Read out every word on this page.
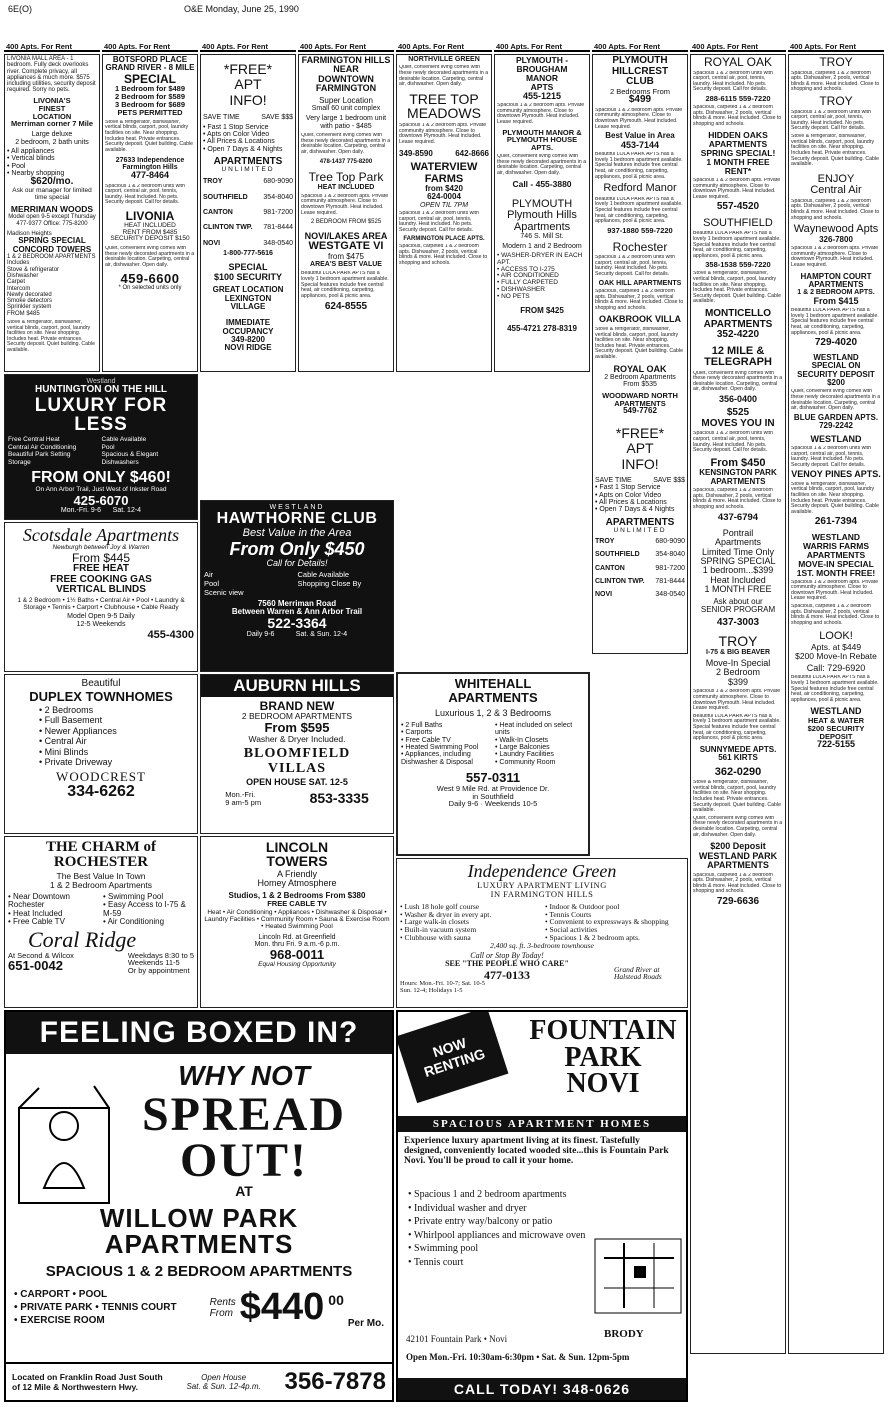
6E(O)	O&E Monday, June 25, 1990
400 Apts. For Rent	400 Apts. For Rent	400 Apts. For Rent	400 Apts. For Rent	400 Apts. For Rent	400 Apts. For Rent	400 Apts. For Rent	400 Apts. For Rent	400 Apts. For Rent
LIVONIA MALL AREA - 1 bedroom. Fully deck overlooks river. Complete privacy, all appliances & much more. $575 including utilities, security deposit required. Sorry no pets.
LIVONIA'S
FINEST
LOCATION
Merriman corner 7 Mile
Large deluxe
2 bedroom, 2 bath units
• All appliances
• Vertical blinds
• Pool
• Nearby shopping
$620/mo.
Ask our manager for limited time special
MERRIMAN WOODS
Model open 9-5 except Thursday 477-9377 Office: 775-8200
Madison Heights
SPRING SPECIAL
CONCORD TOWERS
1 & 2 BEDROOM APARTMENTS
Includes
Stove & refrigerator
Dishwasher
Carpet
Intercom
Newly decorated
Smoke detectors
Sprinkler system
FROM $485
Stove & refrigerator, dishwasher, vertical blinds, carport, pool, laundry facilities on site. Near shopping. Includes heat. Private entrances. Security deposit. Quiet building. Cable available.
BOTSFORD PLACE
GRAND RIVER - 8 MILE
SPECIAL
1 Bedroom for $489
2 Bedroom for $589
3 Bedroom for $689
PETS PERMITTED
Stove & refrigerator, dishwasher, vertical blinds, carport, pool, laundry facilities on site. Near shopping. Includes heat. Private entrances. Security deposit. Quiet building. Cable available.
27633 Independence
Farmington Hills
477-8464
Spacious 1 & 2 bedroom units with carport, central air, pool, tennis, laundry. Heat included. No pets. Security deposit. Call for details.
LIVONIA
HEAT INCLUDED
RENT FROM $485
SECURITY DEPOSIT $150
Quiet, convenient living comes with these newly decorated apartments in a desirable location. Carpeting, central air, dishwasher. Open daily.
459-6600
* On selected units only
*FREE*
APT
INFO!
SAVE TIME	SAVE $$$
• Fast 1 Stop Service
• Apts on Color Video
• All Prices & Locations
• Open 7 Days & 4 Nights
APARTMENTS
UNLIMITED
TROY	680-9090
SOUTHFIELD 354-8040
CANTON	981-7200
CLINTON TWP. 781-8444
NOVI	348-0540
1-800-777-5616
SPECIAL
$100 SECURITY
GREAT LOCATION
LEXINGTON
VILLAGE
IMMEDIATE
OCCUPANCY
349-8200
NOVI RIDGE
FARMINGTON HILLS
NEAR
DOWNTOWN
FARMINGTON
Super Location
Small 60 unit complex
Very large 1 bedroom unit with patio - $485
Quiet, convenient living comes with these newly decorated apartments in a desirable location. Carpeting, central air, dishwasher. Open daily.
478-1437 775-8200
Tree Top Park
HEAT INCLUDED
Spacious 1 & 2 bedroom apts. Private community atmosphere. Close to downtown Plymouth. Heat included. Lease required.
2 BEDROOM FROM $525
NOVI/LAKES AREA
WESTGATE VI
from $475
AREA'S BEST VALUE
Beautiful LOLA PARK APTS has a lovely 1 bedroom apartment available. Special features include free central heat, air conditioning, carpeting, appliances, pool & picnic area.
624-8555
NORTHVILLE GREEN
Quiet, convenient living comes with these newly decorated apartments in a desirable location. Carpeting, central air, dishwasher. Open daily.
TREE TOP
MEADOWS
Spacious 1 & 2 bedroom apts. Private community atmosphere. Close to downtown Plymouth. Heat included. Lease required.
349-8590	642-8666
WATERVIEW
FARMS
from $420
624-0004
OPEN TIL 7PM
Spacious 1 & 2 bedroom units with carport, central air, pool, tennis, laundry. Heat included. No pets. Security deposit. Call for details.
FARMINGTON PLACE APTS.
Spacious, carpeted 1 & 2 bedroom apts. Dishwasher, 2 pools, vertical blinds & more. Heat included. Close to shopping and schools.
PLYMOUTH -
BROUGHAM
MANOR
APTS
455-1215
Spacious 1 & 2 bedroom apts. Private community atmosphere. Close to downtown Plymouth. Heat included. Lease required.
PLYMOUTH MANOR &
PLYMOUTH HOUSE
APTS.
Quiet, convenient living comes with these newly decorated apartments in a desirable location. Carpeting, central air, dishwasher. Open daily.
Call - 455-3880
PLYMOUTH
Plymouth Hills
Apartments
746 S. Mill St.
Modern 1 and 2 Bedroom
• WASHER-DRYER IN EACH APT.
• ACCESS TO I-275
• AIR CONDITIONED
• FULLY CARPETED
• DISHWASHER
• NO PETS
FROM $425
455-4721 278-8319
PLYMOUTH
HILLCREST
CLUB
2 Bedrooms From
$499
Spacious 1 & 2 bedroom apts. Private community atmosphere. Close to downtown Plymouth. Heat included. Lease required.
Best Value in Area
453-7144
Beautiful LOLA PARK APTS has a lovely 1 bedroom apartment available. Special features include free central heat, air conditioning, carpeting, appliances, pool & picnic area.
Redford Manor
Beautiful LOLA PARK APTS has a lovely 1 bedroom apartment available. Special features include free central heat, air conditioning, carpeting, appliances, pool & picnic area.
937-1880 559-7220
Rochester
Spacious 1 & 2 bedroom units with carport, central air, pool, tennis, laundry. Heat included. No pets. Security deposit. Call for details.
OAK HILL APARTMENTS
Spacious, carpeted 1 & 2 bedroom apts. Dishwasher, 2 pools, vertical blinds & more. Heat included. Close to shopping and schools.
OAKBROOK VILLA
Stove & refrigerator, dishwasher, vertical blinds, carport, pool, laundry facilities on site. Near shopping. Includes heat. Private entrances. Security deposit. Quiet building. Cable available.
ROYAL OAK
2 Bedroom Apartments
From $535
WOODWARD NORTH
APARTMENTS
549-7762
*FREE*
APT
INFO!
SAVE TIME	SAVE $$$
• Fast 1 Stop Service
• Apts on Color Video
• All Prices & Locations
• Open 7 Days & 4 Nights
APARTMENTS
UNLIMITED
TROY	680-9090
SOUTHFIELD 354-8040
CANTON	981-7200
CLINTON TWP. 781-8444
NOVI	348-0540
ROYAL OAK
Spacious 1 & 2 bedroom units with carport, central air, pool, tennis, laundry. Heat included. No pets. Security deposit. Call for details.
288-6115 559-7220
Spacious, carpeted 1 & 2 bedroom apts. Dishwasher, 2 pools, vertical blinds & more. Heat included. Close to shopping and schools.
HIDDEN OAKS
APARTMENTS
SPRING SPECIAL!
1 MONTH FREE RENT*
Spacious 1 & 2 bedroom apts. Private community atmosphere. Close to downtown Plymouth. Heat included. Lease required.
557-4520
SOUTHFIELD
Beautiful LOLA PARK APTS has a lovely 1 bedroom apartment available. Special features include free central heat, air conditioning, carpeting, appliances, pool & picnic area.
358-1538 559-7220
Stove & refrigerator, dishwasher, vertical blinds, carport, pool, laundry facilities on site. Near shopping. Includes heat. Private entrances. Security deposit. Quiet building. Cable available.
MONTICELLO
APARTMENTS
352-4220
12 MILE &
TELEGRAPH
Quiet, convenient living comes with these newly decorated apartments in a desirable location. Carpeting, central air, dishwasher. Open daily.
356-0400
$525
MOVES YOU IN
Spacious 1 & 2 bedroom units with carport, central air, pool, tennis, laundry. Heat included. No pets. Security deposit. Call for details.
From $450
KENSINGTON PARK
APARTMENTS
Spacious, carpeted 1 & 2 bedroom apts. Dishwasher, 2 pools, vertical blinds & more. Heat included. Close to shopping and schools.
437-6794
Pontrail
Apartments
Limited Time Only
SPRING SPECIAL
1 bedroom...$399
Heat Included
1 MONTH FREE
Ask about our
SENIOR PROGRAM
437-3003
TROY
I-75 & BIG BEAVER
Move-In Special
2 Bedroom
$399
Spacious 1 & 2 bedroom apts. Private community atmosphere. Close to downtown Plymouth. Heat included. Lease required.
Beautiful LOLA PARK APTS has a lovely 1 bedroom apartment available. Special features include free central heat, air conditioning, carpeting, appliances, pool & picnic area.
SUNNYMEDE APTS.
561 KIRTS
362-0290
Stove & refrigerator, dishwasher, vertical blinds, carport, pool, laundry facilities on site. Near shopping. Includes heat. Private entrances. Security deposit. Quiet building. Cable available.
Quiet, convenient living comes with these newly decorated apartments in a desirable location. Carpeting, central air, dishwasher. Open daily.
$200 Deposit
WESTLAND PARK
APARTMENTS
Spacious, carpeted 1 & 2 bedroom apts. Dishwasher, 2 pools, vertical blinds & more. Heat included. Close to shopping and schools.
729-6636
TROY
Spacious, carpeted 1 & 2 bedroom apts. Dishwasher, 2 pools, vertical blinds & more. Heat included. Close to shopping and schools.
TROY
Spacious 1 & 2 bedroom units with carport, central air, pool, tennis, laundry. Heat included. No pets. Security deposit. Call for details.
Stove & refrigerator, dishwasher, vertical blinds, carport, pool, laundry facilities on site. Near shopping. Includes heat. Private entrances. Security deposit. Quiet building. Cable available.
ENJOY
Central Air
Spacious, carpeted 1 & 2 bedroom apts. Dishwasher, 2 pools, vertical blinds & more. Heat included. Close to shopping and schools.
Waynewood Apts
326-7800
Spacious 1 & 2 bedroom apts. Private community atmosphere. Close to downtown Plymouth. Heat included. Lease required.
HAMPTON COURT
APARTMENTS
1 & 2 BEDROOM APTS.
From $415
Beautiful LOLA PARK APTS has a lovely 1 bedroom apartment available. Special features include free central heat, air conditioning, carpeting, appliances, pool & picnic area.
729-4020
WESTLAND
SPECIAL ON
SECURITY DEPOSIT $200
Quiet, convenient living comes with these newly decorated apartments in a desirable location. Carpeting, central air, dishwasher. Open daily.
BLUE GARDEN APTS.
729-2242
WESTLAND
Spacious 1 & 2 bedroom units with carport, central air, pool, tennis, laundry. Heat included. No pets. Security deposit. Call for details.
VENOY PINES APTS.
Stove & refrigerator, dishwasher, vertical blinds, carport, pool, laundry facilities on site. Near shopping. Includes heat. Private entrances. Security deposit. Quiet building. Cable available.
261-7394
WESTLAND
WARRIS FARMS
APARTMENTS
MOVE-IN SPECIAL
1ST. MONTH FREE!
Spacious 1 & 2 bedroom apts. Private community atmosphere. Close to downtown Plymouth. Heat included. Lease required.
Spacious, carpeted 1 & 2 bedroom apts. Dishwasher, 2 pools, vertical blinds & more. Heat included. Close to shopping and schools.
LOOK!
Apts. at $449
$200 Move-In Rebate
Call: 729-6920
Beautiful LOLA PARK APTS has a lovely 1 bedroom apartment available. Special features include free central heat, air conditioning, carpeting, appliances, pool & picnic area.
WESTLAND
HEAT & WATER
$200 SECURITY DEPOSIT
722-5155
Westland
HUNTINGTON ON THE HILL
LUXURY FOR
LESS
Free Central Heat	Cable Available
Central Air Conditioning	Pool
Beautiful Park Setting	Spacious & Elegant
Storage	Dishwashers
FROM ONLY $460!
On Ann Arbor Trail, Just West of Inkster Road
425-6070
Mon.-Fri. 9-6      Sat. 12-4
Scotsdale Apartments
Newburgh between Joy & Warren
From $445
FREE HEAT
FREE COOKING GAS
VERTICAL BLINDS
1 & 2 Bedroom • 1½ Baths • Central Air • Pool • Laundry & Storage • Tennis • Carport • Clubhouse • Cable Ready
Model Open 9-5 Daily
12-5 Weekends
455-4300
WESTLAND
HAWTHORNE CLUB
Best Value in the Area
From Only $450
Call for Details!
Air	Cable Available
Pool	Shopping Close By
Scenic view
7560 Merriman Road
Between Warren & Ann Arbor Trail
522-3364
Daily 9-6           Sat. & Sun. 12-4
Beautiful
DUPLEX TOWNHOMES
• 2 Bedrooms
• Full Basement
• Newer Appliances
• Central Air
• Mini Blinds
• Private Driveway
WOODCREST
334-6262
AUBURN HILLS
BRAND NEW
2 BEDROOM APARTMENTS
From $595
Washer & Dryer Included.
BLOOMFIELD
VILLAS
OPEN HOUSE SAT. 12-5
Mon.-Fri.
9 am-5 pm	853-3335
WHITEHALL
APARTMENTS
Luxurious 1, 2 & 3 Bedrooms
• 2 Full Baths
• Carports
• Free Cable TV
• Heated Swimming Pool
• Appliances, including Dishwasher & Disposal
• Heat included on select units
• Walk-In Closets
• Large Balconies
• Laundry Facilities
• Community Room
557-0311
West 9 Mile Rd. at Providence Dr.
in Southfield
Daily 9-6 · Weekends 10-5
THE CHARM of
ROCHESTER
The Best Value In Town
1 & 2 Bedroom Apartments
• Near Downtown Rochester
• Heat Included
• Free Cable TV
• Swimming Pool
• Easy Access to I-75 & M-59
• Air Conditioning
Coral Ridge
At Second & Wilcox
651-0042
Weekdays 8:30 to 5
Weekends 11-5
Or by appointment
LINCOLN
TOWERS
A Friendly
Homey Atmosphere
Studios, 1 & 2 Bedrooms From $380
FREE CABLE TV
Heat • Air Conditioning • Appliances • Dishwasher & Disposal • Laundry Facilities • Community Room • Sauna & Exercise Room • Heated Swimming Pool
Lincoln Rd. at Greenfield
Mon. thru Fri. 9 a.m.-6 p.m.
968-0011
Equal Housing Opportunity
Independence Green
LUXURY APARTMENT LIVING
IN FARMINGTON HILLS
• Lush 18 hole golf course
• Washer & dryer in every apt.
• Large walk-in closets
• Built-in vacuum system
• Clubhouse with sauna
• Indoor & Outdoor pool
• Tennis Courts
• Convenient to expressways & shopping
• Social activities
• Spacious 1 & 2 bedroom apts.
2,400 sq. ft. 3-bedroom townhouse
Call or Stop By Today!
SEE "THE PEOPLE WHO CARE"
477-0133	Grand River at
Halstead Roads
Hours: Mon.-Fri. 10-7; Sat. 10-5
Sun. 12-4; Holidays 1-5
FEELING BOXED IN?
WHY NOT
SPREAD
OUT!
AT
WILLOW PARK
APARTMENTS
SPACIOUS 1 & 2 BEDROOM APARTMENTS
• CARPORT • POOL
• PRIVATE PARK • TENNIS COURT
• EXERCISE ROOM
Rents
From $440 00
Per Mo.
Located on Franklin Road Just South
of 12 Mile & Northwestern Hwy.
Open House
Sat. & Sun. 12-4p.m. 356-7878
NOW
RENTING
FOUNTAIN
PARK
NOVI
SPACIOUS APARTMENT HOMES
Experience luxury apartment living at its finest. Tastefully designed, conveniently located wooded site...this is Fountain Park Novi. You'll be proud to call it your home.
• Spacious 1 and 2 bedroom apartments
• Individual washer and dryer
• Private entry way/balcony or patio
• Whirlpool appliances and microwave oven
• Swimming pool
• Tennis court
42101 Fountain Park • Novi	BRODY
Open Mon.-Fri. 10:30am-6:30pm • Sat. & Sun. 12pm-5pm
CALL TODAY! 348-0626
